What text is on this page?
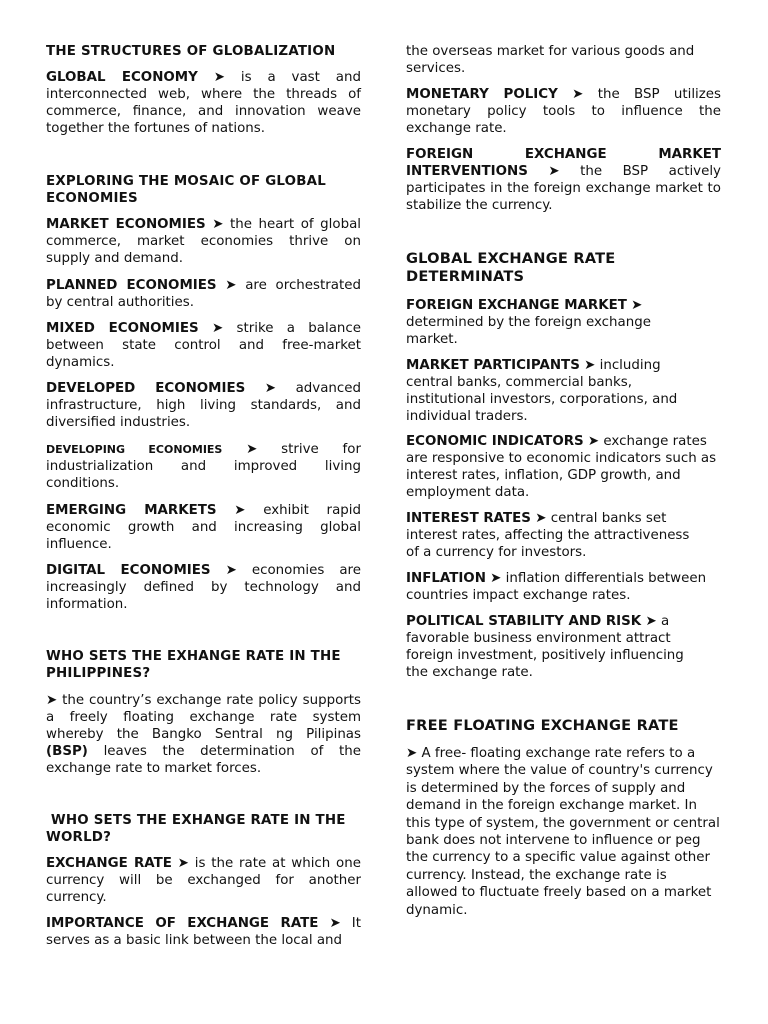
THE STRUCTURES OF GLOBALIZATION

GLOBAL ECONOMY ➤ is a vast and interconnected web, where the threads of commerce, finance, and innovation weave together the fortunes of nations.

EXPLORING THE MOSAIC OF GLOBAL ECONOMIES

MARKET ECONOMIES ➤ the heart of global commerce, market economies thrive on supply and demand.

PLANNED ECONOMIES ➤ are orchestrated by central authorities.

MIXED ECONOMIES ➤ strike a balance between state control and free-market dynamics.

DEVELOPED ECONOMIES ➤ advanced infrastructure, high living standards, and diversified industries.

DEVELOPING ECONOMIES ➤ strive for industrialization and improved living conditions.

EMERGING MARKETS ➤ exhibit rapid economic growth and increasing global influence.

DIGITAL ECONOMIES ➤ economies are increasingly defined by technology and information.

WHO SETS THE EXHANGE RATE IN THE PHILIPPINES?

➤ the country’s exchange rate policy supports a freely floating exchange rate system whereby the Bangko Sentral ng Pilipinas (BSP) leaves the determination of the exchange rate to market forces.

WHO SETS THE EXHANGE RATE IN THE WORLD?

EXCHANGE RATE ➤ is the rate at which one currency will be exchanged for another currency.

IMPORTANCE OF EXCHANGE RATE ➤ It serves as a basic link between the local and

the overseas market for various goods and services.

MONETARY POLICY ➤ the BSP utilizes monetary policy tools to influence the exchange rate.

FOREIGN EXCHANGE MARKET INTERVENTIONS ➤ the BSP actively participates in the foreign exchange market to stabilize the currency.

GLOBAL EXCHANGE RATE DETERMINATS

FOREIGN EXCHANGE MARKET ➤ determined by the foreign exchange market.

MARKET PARTICIPANTS ➤ including central banks, commercial banks, institutional investors, corporations, and individual traders.

ECONOMIC INDICATORS ➤ exchange rates are responsive to economic indicators such as interest rates, inflation, GDP growth, and employment data.

INTEREST RATES ➤ central banks set interest rates, affecting the attractiveness of a currency for investors.

INFLATION ➤ inflation differentials between countries impact exchange rates.

POLITICAL STABILITY AND RISK ➤ a favorable business environment attract foreign investment, positively influencing the exchange rate.

FREE FLOATING EXCHANGE RATE

➤ A free- floating exchange rate refers to a system where the value of country's currency is determined by the forces of supply and demand in the foreign exchange market. In this type of system, the government or central bank does not intervene to influence or peg the currency to a specific value against other currency. Instead, the exchange rate is allowed to fluctuate freely based on a market dynamic.
